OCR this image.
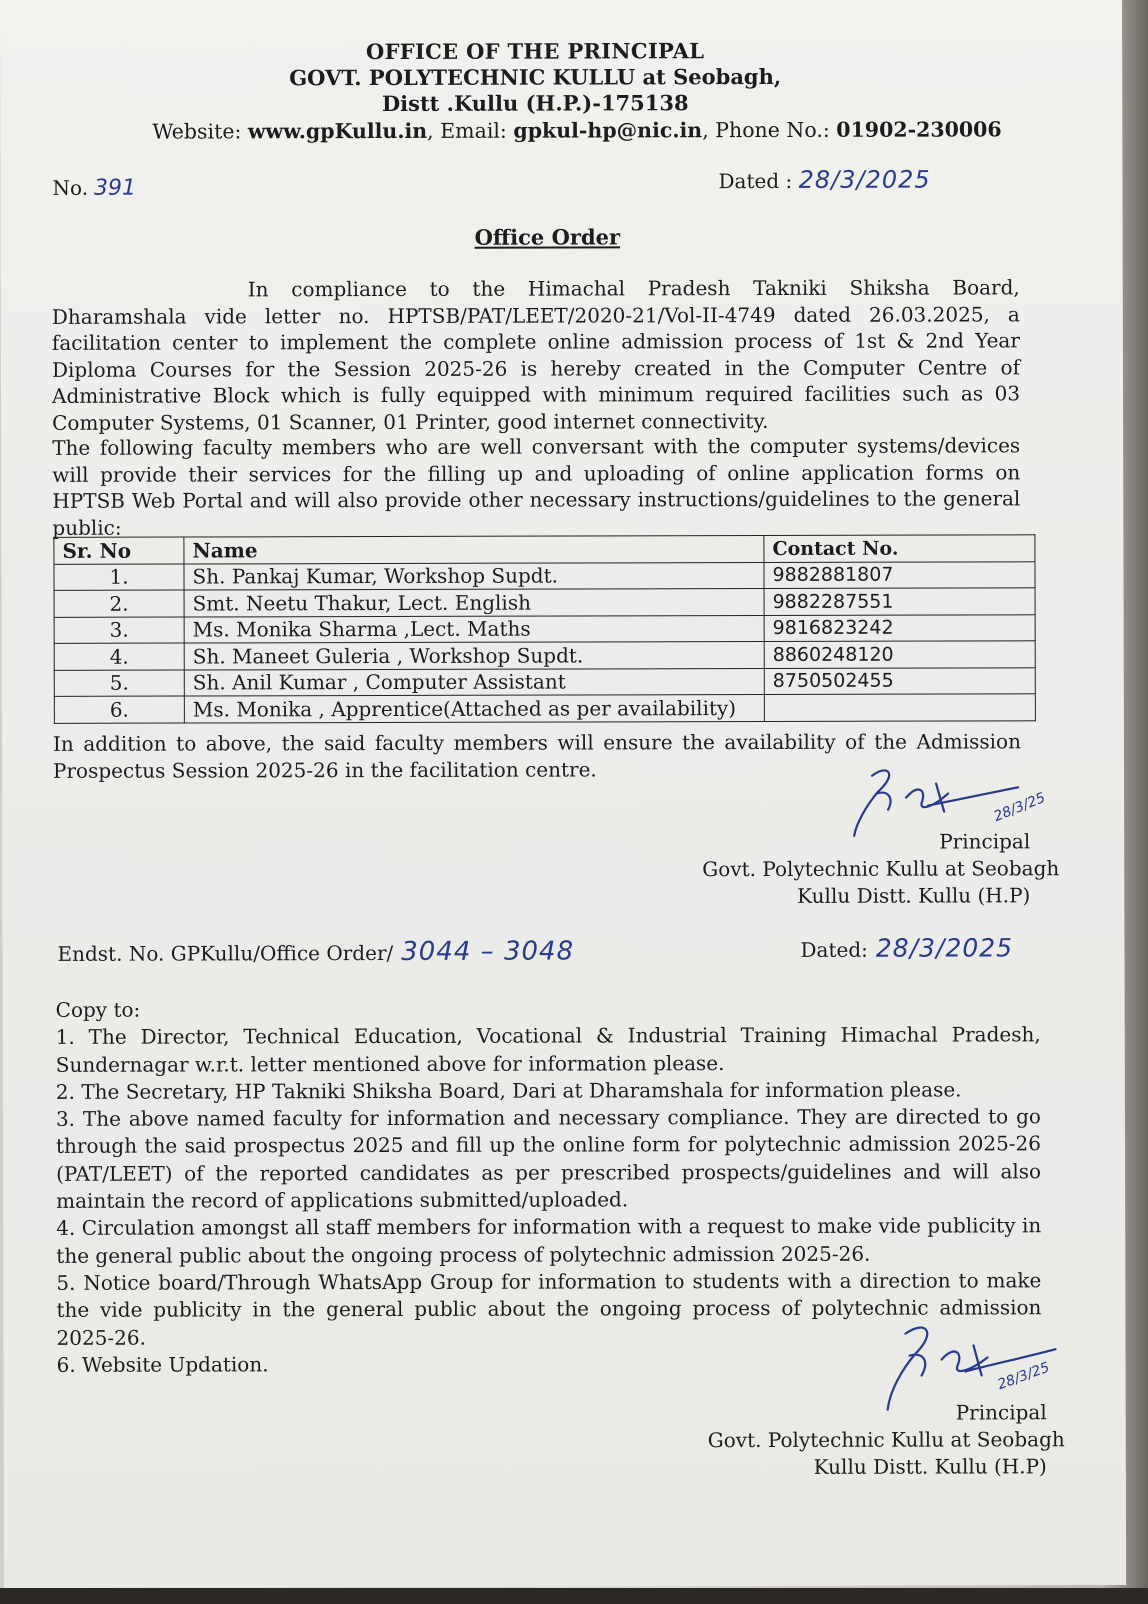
OFFICE OF THE PRINCIPAL
GOVT. POLYTECHNIC KULLU at Seobagh,
Distt .Kullu (H.P.)-175138
Website: www.gpKullu.in, Email: gpkul-hp@nic.in, Phone No.: 01902-230006
No. 391	Dated : 28/3/2025
Office Order
In compliance to the Himachal Pradesh Takniki Shiksha Board, Dharamshala vide letter no. HPTSB/PAT/LEET/2020-21/Vol-II-4749 dated 26.03.2025, a facilitation center to implement the complete online admission process of 1st & 2nd Year Diploma Courses for the Session 2025-26 is hereby created in the Computer Centre of Administrative Block which is fully equipped with minimum required facilities such as 03 Computer Systems, 01 Scanner, 01 Printer, good internet connectivity.
The following faculty members who are well conversant with the computer systems/devices will provide their services for the filling up and uploading of online application forms on HPTSB Web Portal and will also provide other necessary instructions/guidelines to the general public:
Sr. No	Name	Contact No.
1.	Sh. Pankaj Kumar, Workshop Supdt.	9882881807
2.	Smt. Neetu Thakur, Lect. English	9882287551
3.	Ms. Monika Sharma ,Lect. Maths	9816823242
4.	Sh. Maneet Guleria , Workshop Supdt.	8860248120
5.	Sh. Anil Kumar , Computer Assistant	8750502455
6.	Ms. Monika , Apprentice(Attached as per availability)	
In addition to above, the said faculty members will ensure the availability of the Admission Prospectus Session 2025-26 in the facilitation centre.
28/3/25
Principal
Govt. Polytechnic Kullu at Seobagh
Kullu Distt. Kullu (H.P)
Endst. No. GPKullu/Office Order/ 3044 – 3048	Dated: 28/3/2025
Copy to:
1. The Director, Technical Education, Vocational & Industrial Training Himachal Pradesh, Sundernagar w.r.t. letter mentioned above for information please.
2. The Secretary, HP Takniki Shiksha Board, Dari at Dharamshala for information please.
3. The above named faculty for information and necessary compliance. They are directed to go through the said prospectus 2025 and fill up the online form for polytechnic admission 2025-26 (PAT/LEET) of the reported candidates as per prescribed prospects/guidelines and will also maintain the record of applications submitted/uploaded.
4. Circulation amongst all staff members for information with a request to make vide publicity in the general public about the ongoing process of polytechnic admission 2025-26.
5. Notice board/Through WhatsApp Group for information to students with a direction to make the vide publicity in the general public about the ongoing process of polytechnic admission 2025-26.
6. Website Updation.	28/3/25
Principal
Govt. Polytechnic Kullu at Seobagh
Kullu Distt. Kullu (H.P)
